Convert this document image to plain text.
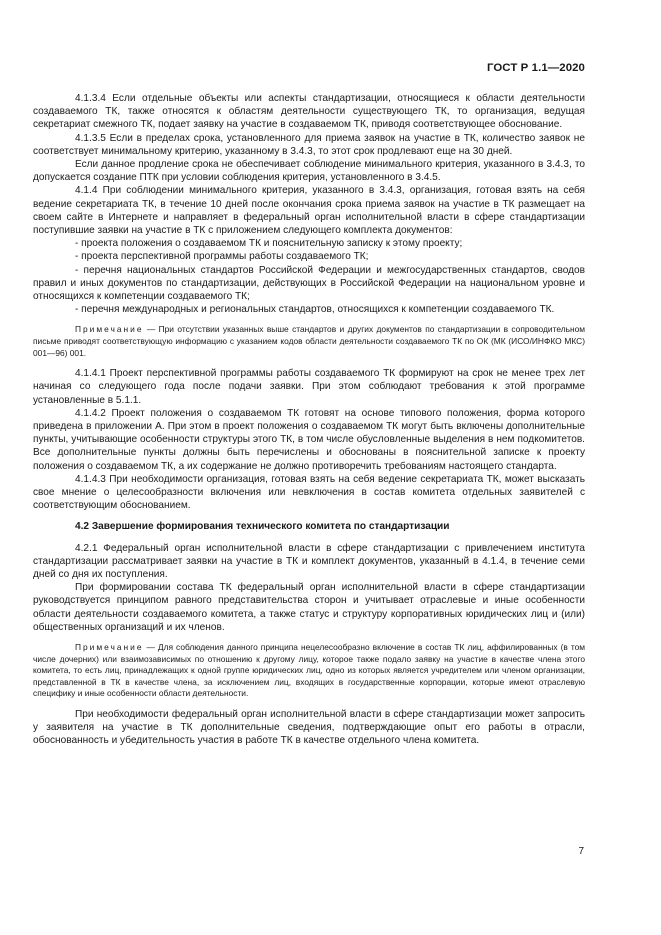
ГОСТ Р 1.1—2020

4.1.3.4 Если отдельные объекты или аспекты стандартизации, относящиеся к области деятельности создаваемого ТК, также относятся к областям деятельности существующего ТК, то организация, ведущая секретариат смежного ТК, подает заявку на участие в создаваемом ТК, приводя соответствующее обоснование.

4.1.3.5 Если в пределах срока, установленного для приема заявок на участие в ТК, количество заявок не соответствует минимальному критерию, указанному в 3.4.3, то этот срок продлевают еще на 30 дней.

Если данное продление срока не обеспечивает соблюдение минимального критерия, указанного в 3.4.3, то допускается создание ПТК при условии соблюдения критерия, установленного в 3.4.5.

4.1.4 При соблюдении минимального критерия, указанного в 3.4.3, организация, готовая взять на себя ведение секретариата ТК, в течение 10 дней после окончания срока приема заявок на участие в ТК размещает на своем сайте в Интернете и направляет в федеральный орган исполнительной власти в сфере стандартизации поступившие заявки на участие в ТК с приложением следующего комплекта документов:

- проекта положения о создаваемом ТК и пояснительную записку к этому проекту;

- проекта перспективной программы работы создаваемого ТК;

- перечня национальных стандартов Российской Федерации и межгосударственных стандартов, сводов правил и иных документов по стандартизации, действующих в Российской Федерации на национальном уровне и относящихся к компетенции создаваемого ТК;

- перечня международных и региональных стандартов, относящихся к компетенции создаваемого ТК.

Примечание — При отсутствии указанных выше стандартов и других документов по стандартизации в сопроводительном письме приводят соответствующую информацию с указанием кодов области деятельности создаваемого ТК по ОК (МК (ИСО/ИНФКО МКС) 001—96) 001.

4.1.4.1 Проект перспективной программы работы создаваемого ТК формируют на срок не менее трех лет начиная со следующего года после подачи заявки. При этом соблюдают требования к этой программе установленные в 5.1.1.

4.1.4.2 Проект положения о создаваемом ТК готовят на основе типового положения, форма которого приведена в приложении А. При этом в проект положения о создаваемом ТК могут быть включены дополнительные пункты, учитывающие особенности структуры этого ТК, в том числе обусловленные выделения в нем подкомитетов. Все дополнительные пункты должны быть перечислены и обоснованы в пояснительной записке к проекту положения о создаваемом ТК, а их содержание не должно противоречить требованиям настоящего стандарта.

4.1.4.3 При необходимости организация, готовая взять на себя ведение секретариата ТК, может высказать свое мнение о целесообразности включения или невключения в состав комитета отдельных заявителей с соответствующим обоснованием.

4.2 Завершение формирования технического комитета по стандартизации

4.2.1 Федеральный орган исполнительной власти в сфере стандартизации с привлечением института стандартизации рассматривает заявки на участие в ТК и комплект документов, указанный в 4.1.4, в течение семи дней со дня их поступления.

При формировании состава ТК федеральный орган исполнительной власти в сфере стандартизации руководствуется принципом равного представительства сторон и учитывает отраслевые и иные особенности области деятельности создаваемого комитета, а также статус и структуру корпоративных юридических лиц и (или) общественных организаций и их членов.

Примечание — Для соблюдения данного принципа нецелесообразно включение в состав ТК лиц, аффилированных (в том числе дочерних) или взаимозависимых по отношению к другому лицу, которое также подало заявку на участие в качестве члена этого комитета, то есть лиц, принадлежащих к одной группе юридических лиц, одно из которых является учредителем или членом организации, представленной в ТК в качестве члена, за исключением лиц, входящих в государственные корпорации, которые имеют отраслевую специфику и иные особенности области деятельности.

При необходимости федеральный орган исполнительной власти в сфере стандартизации может запросить у заявителя на участие в ТК дополнительные сведения, подтверждающие опыт его работы в отрасли, обоснованность и убедительность участия в работе ТК в качестве отдельного члена комитета.

7
